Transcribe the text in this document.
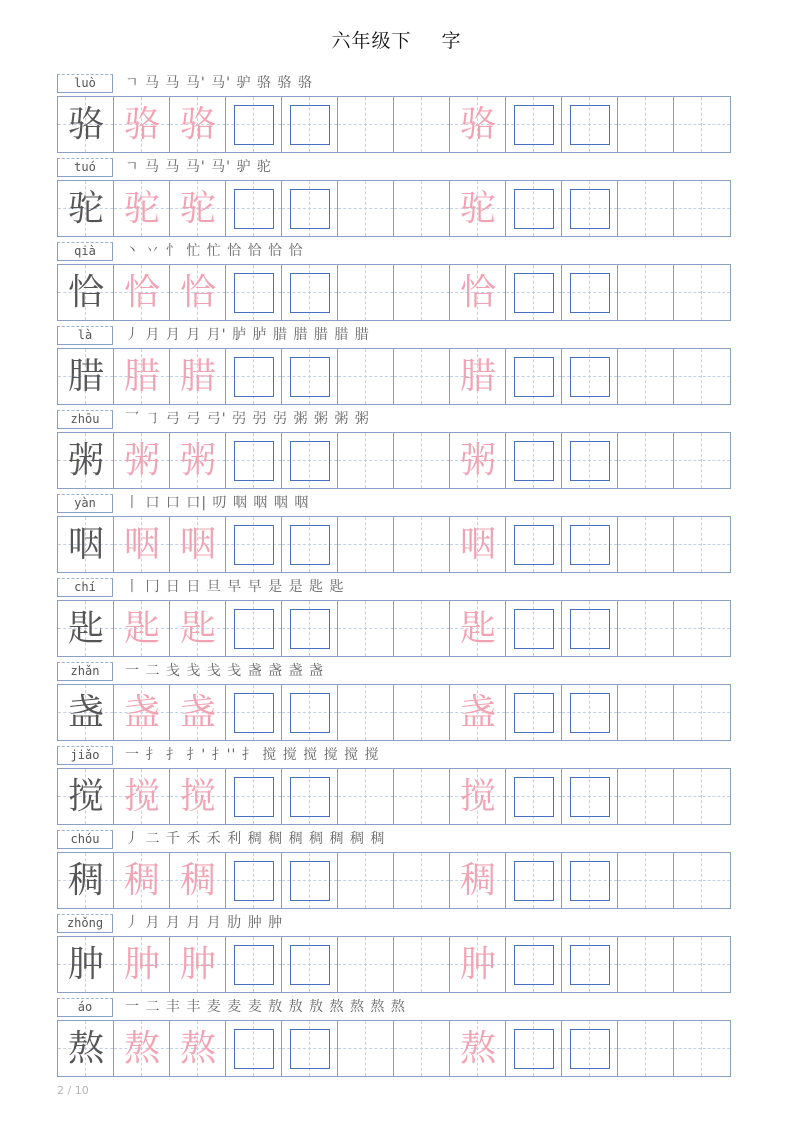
六年级下 字
luò	ㄱ 马 马 马' 马' 驴 骆 骆 骆
骆 骆 骆	骆
tuó	ㄱ 马 马 马' 马' 驴 驼
驼 驼 驼	驼
qià	丶 丷 忄 忙 忙 恰 恰 恰 恰
恰 恰 恰	恰
là	丿 月 月 月 月' 胪 胪 腊 腊 腊 腊 腊
腊 腊 腊	腊
zhōu	乛 ㇆ 弓 弓 弓' 弜 弜 弜 粥 粥 粥 粥
粥 粥 粥	粥
yàn	丨 口 口 口| 叨 咽 咽 咽 咽
咽 咽 咽	咽
chí	丨 冂 日 日 旦 早 早 是 是 匙 匙
匙 匙 匙	匙
zhǎn	一 二 戋 戋 戋 戋 盏 盏 盏 盏
盏 盏 盏	盏
jiǎo	一 扌 扌 扌' 扌'' 扌 搅 搅 搅 搅 搅 搅
搅 搅 搅	搅
chóu	丿 二 千 禾 禾 利 稠 稠 稠 稠 稠 稠 稠
稠 稠 稠	稠
zhǒng	丿 月 月 月 月 肋 肿 肿
肿 肿 肿	肿
áo	一 二 丰 丰 麦 麦 麦 敖 敖 敖 熬 熬 熬 熬
熬 熬 熬	熬
2 / 10
